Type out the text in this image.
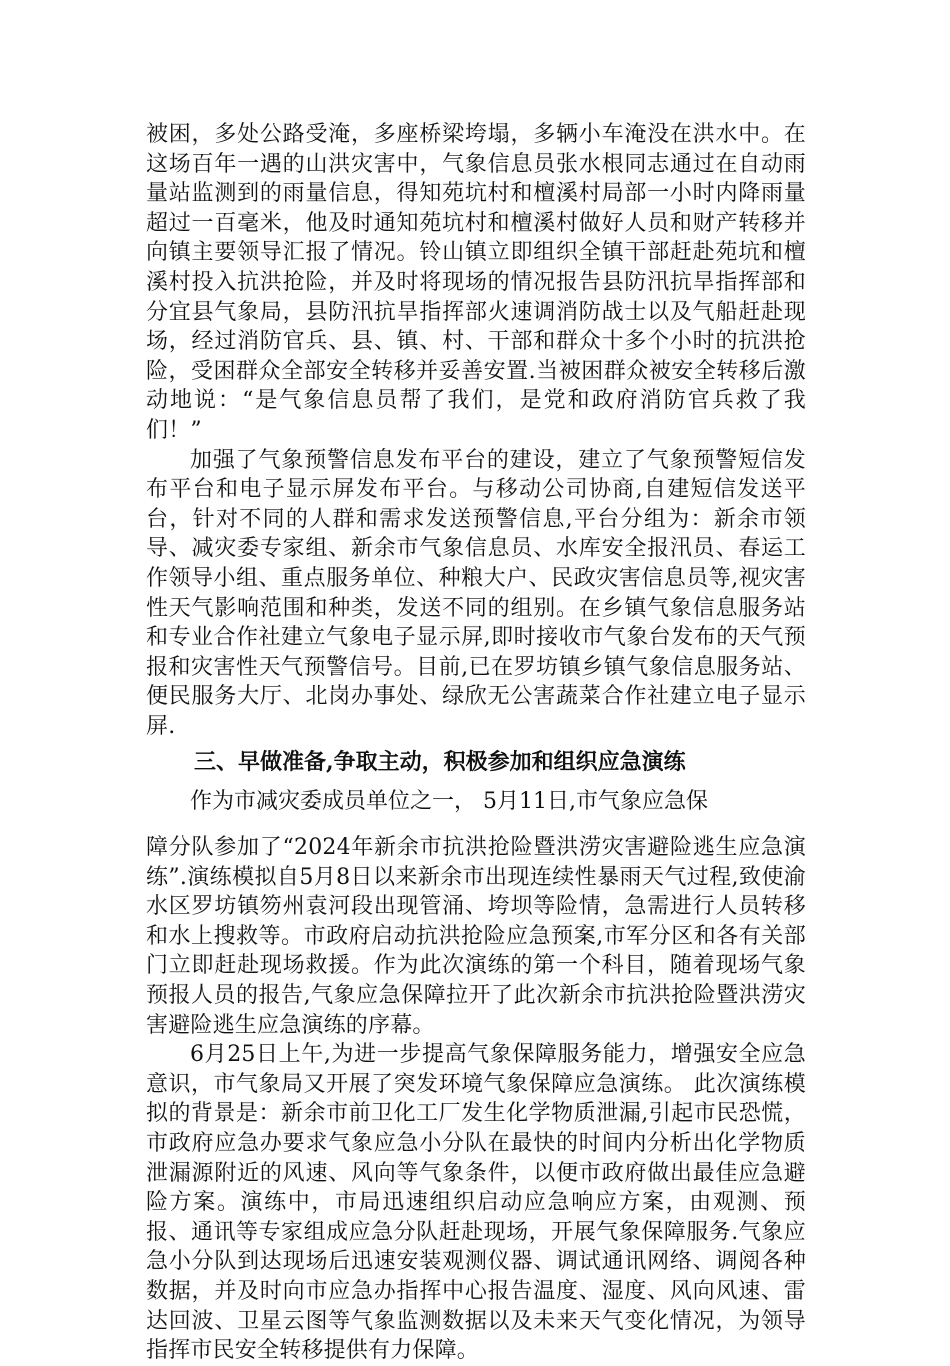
被困，多处公路受淹，多座桥梁垮塌，多辆小车淹没在洪水中。在这场百年一遇的山洪灾害中，气象信息员张水根同志通过在自动雨量站监测到的雨量信息，得知苑坑村和檀溪村局部一小时内降雨量超过一百毫米，他及时通知苑坑村和檀溪村做好人员和财产转移并向镇主要领导汇报了情况。铃山镇立即组织全镇干部赶赴苑坑和檀溪村投入抗洪抢险，并及时将现场的情况报告县防汛抗旱指挥部和分宜县气象局，县防汛抗旱指挥部火速调消防战士以及气船赶赴现场，经过消防官兵、县、镇、村、干部和群众十多个小时的抗洪抢险，受困群众全部安全转移并妥善安置.当被困群众被安全转移后激动地说：“是气象信息员帮了我们，是党和政府消防官兵救了我们！”

加强了气象预警信息发布平台的建设，建立了气象预警短信发布平台和电子显示屏发布平台。与移动公司协商,自建短信发送平台，针对不同的人群和需求发送预警信息,平台分组为：新余市领导、减灾委专家组、新余市气象信息员、水库安全报汛员、春运工作领导小组、重点服务单位、种粮大户、民政灾害信息员等,视灾害性天气影响范围和种类，发送不同的组别。在乡镇气象信息服务站和专业合作社建立气象电子显示屏,即时接收市气象台发布的天气预报和灾害性天气预警信号。目前,已在罗坊镇乡镇气象信息服务站、便民服务大厅、北岗办事处、绿欣无公害蔬菜合作社建立电子显示屏.

三、早做准备,争取主动，积极参加和组织应急演练

作为市减灾委成员单位之一， 5月11日,市气象应急保

障分队参加了“2024年新余市抗洪抢险暨洪涝灾害避险逃生应急演练”.演练模拟自5月8日以来新余市出现连续性暴雨天气过程,致使渝水区罗坊镇笏州袁河段出现管涌、垮坝等险情，急需进行人员转移和水上搜救等。市政府启动抗洪抢险应急预案,市军分区和各有关部门立即赶赴现场救援。作为此次演练的第一个科目，随着现场气象预报人员的报告,气象应急保障拉开了此次新余市抗洪抢险暨洪涝灾害避险逃生应急演练的序幕。

6月25日上午,为进一步提高气象保障服务能力，增强安全应急意识，市气象局又开展了突发环境气象保障应急演练。 此次演练模拟的背景是：新余市前卫化工厂发生化学物质泄漏,引起市民恐慌，市政府应急办要求气象应急小分队在最快的时间内分析出化学物质泄漏源附近的风速、风向等气象条件，以便市政府做出最佳应急避险方案。演练中，市局迅速组织启动应急响应方案，由观测、预报、通讯等专家组成应急分队赶赴现场，开展气象保障服务.气象应急小分队到达现场后迅速安装观测仪器、调试通讯网络、调阅各种数据，并及时向市应急办指挥中心报告温度、湿度、风向风速、雷达回波、卫星云图等气象监测数据以及未来天气变化情况，为领导指挥市民安全转移提供有力保障。
